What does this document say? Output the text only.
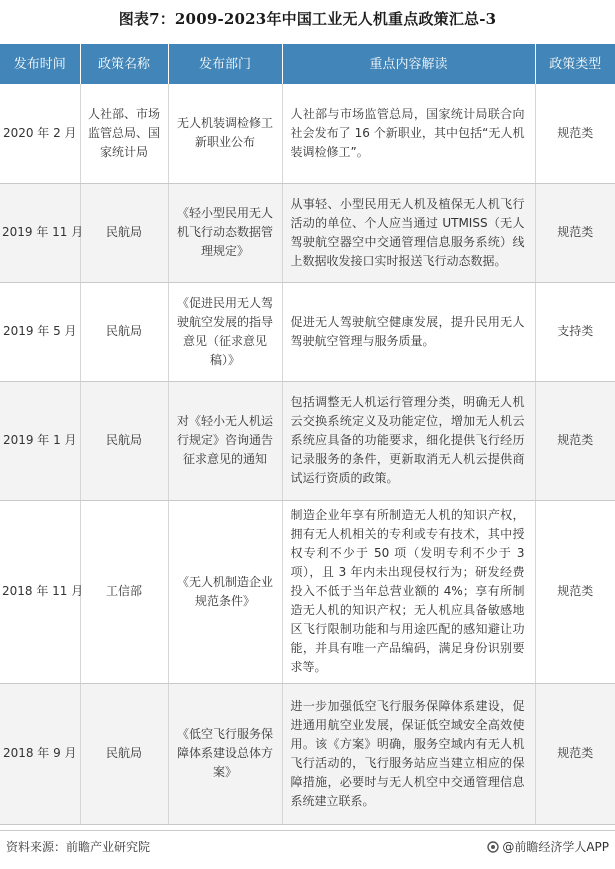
图表7：2009-2023年中国工业无人机重点政策汇总-3
发布时间	政策名称	发布部门	重点内容解读	政策类型
2020 年 2 月	人社部、市场监管总局、国家统计局	无人机装调检修工新职业公布	人社部与市场监管总局，国家统计局联合向社会发布了 16 个新职业，其中包括“无人机装调检修工”。	规范类
2019 年 11 月	民航局	《轻小型民用无人机飞行动态数据管理规定》	从事轻、小型民用无人机及植保无人机飞行活动的单位、个人应当通过 UTMISS（无人驾驶航空器空中交通管理信息服务系统）线上数据收发接口实时报送飞行动态数据。	规范类
2019 年 5 月	民航局	《促进民用无人驾驶航空发展的指导意见（征求意见稿）》	促进无人驾驶航空健康发展，提升民用无人驾驶航空管理与服务质量。	支持类
2019 年 1 月	民航局	对《轻小无人机运行规定》咨询通告征求意见的通知	包括调整无人机运行管理分类，明确无人机云交换系统定义及功能定位，增加无人机云系统应具备的功能要求，细化提供飞行经历记录服务的条件，更新取消无人机云提供商试运行资质的政策。	规范类
2018 年 11 月	工信部	《无人机制造企业规范条件》	制造企业年享有所制造无人机的知识产权，拥有无人机相关的专利或专有技术，其中授权专利不少于 50 项（发明专利不少于 3 项），且 3 年内未出现侵权行为；研发经费投入不低于当年总营业额的 4%；享有所制造无人机的知识产权；无人机应具备敏感地区飞行限制功能和与用途匹配的感知避让功能，并具有唯一产品编码，满足身份识别要求等。	规范类
2018 年 9 月	民航局	《低空飞行服务保障体系建设总体方案》	进一步加强低空飞行服务保障体系建设，促进通用航空业发展，保证低空域安全高效使用。该《方案》明确，服务空域内有无人机飞行活动的，飞行服务站应当建立相应的保障措施，必要时与无人机空中交通管理信息系统建立联系。	规范类
资料来源：前瞻产业研究院	@前瞻经济学人APP
